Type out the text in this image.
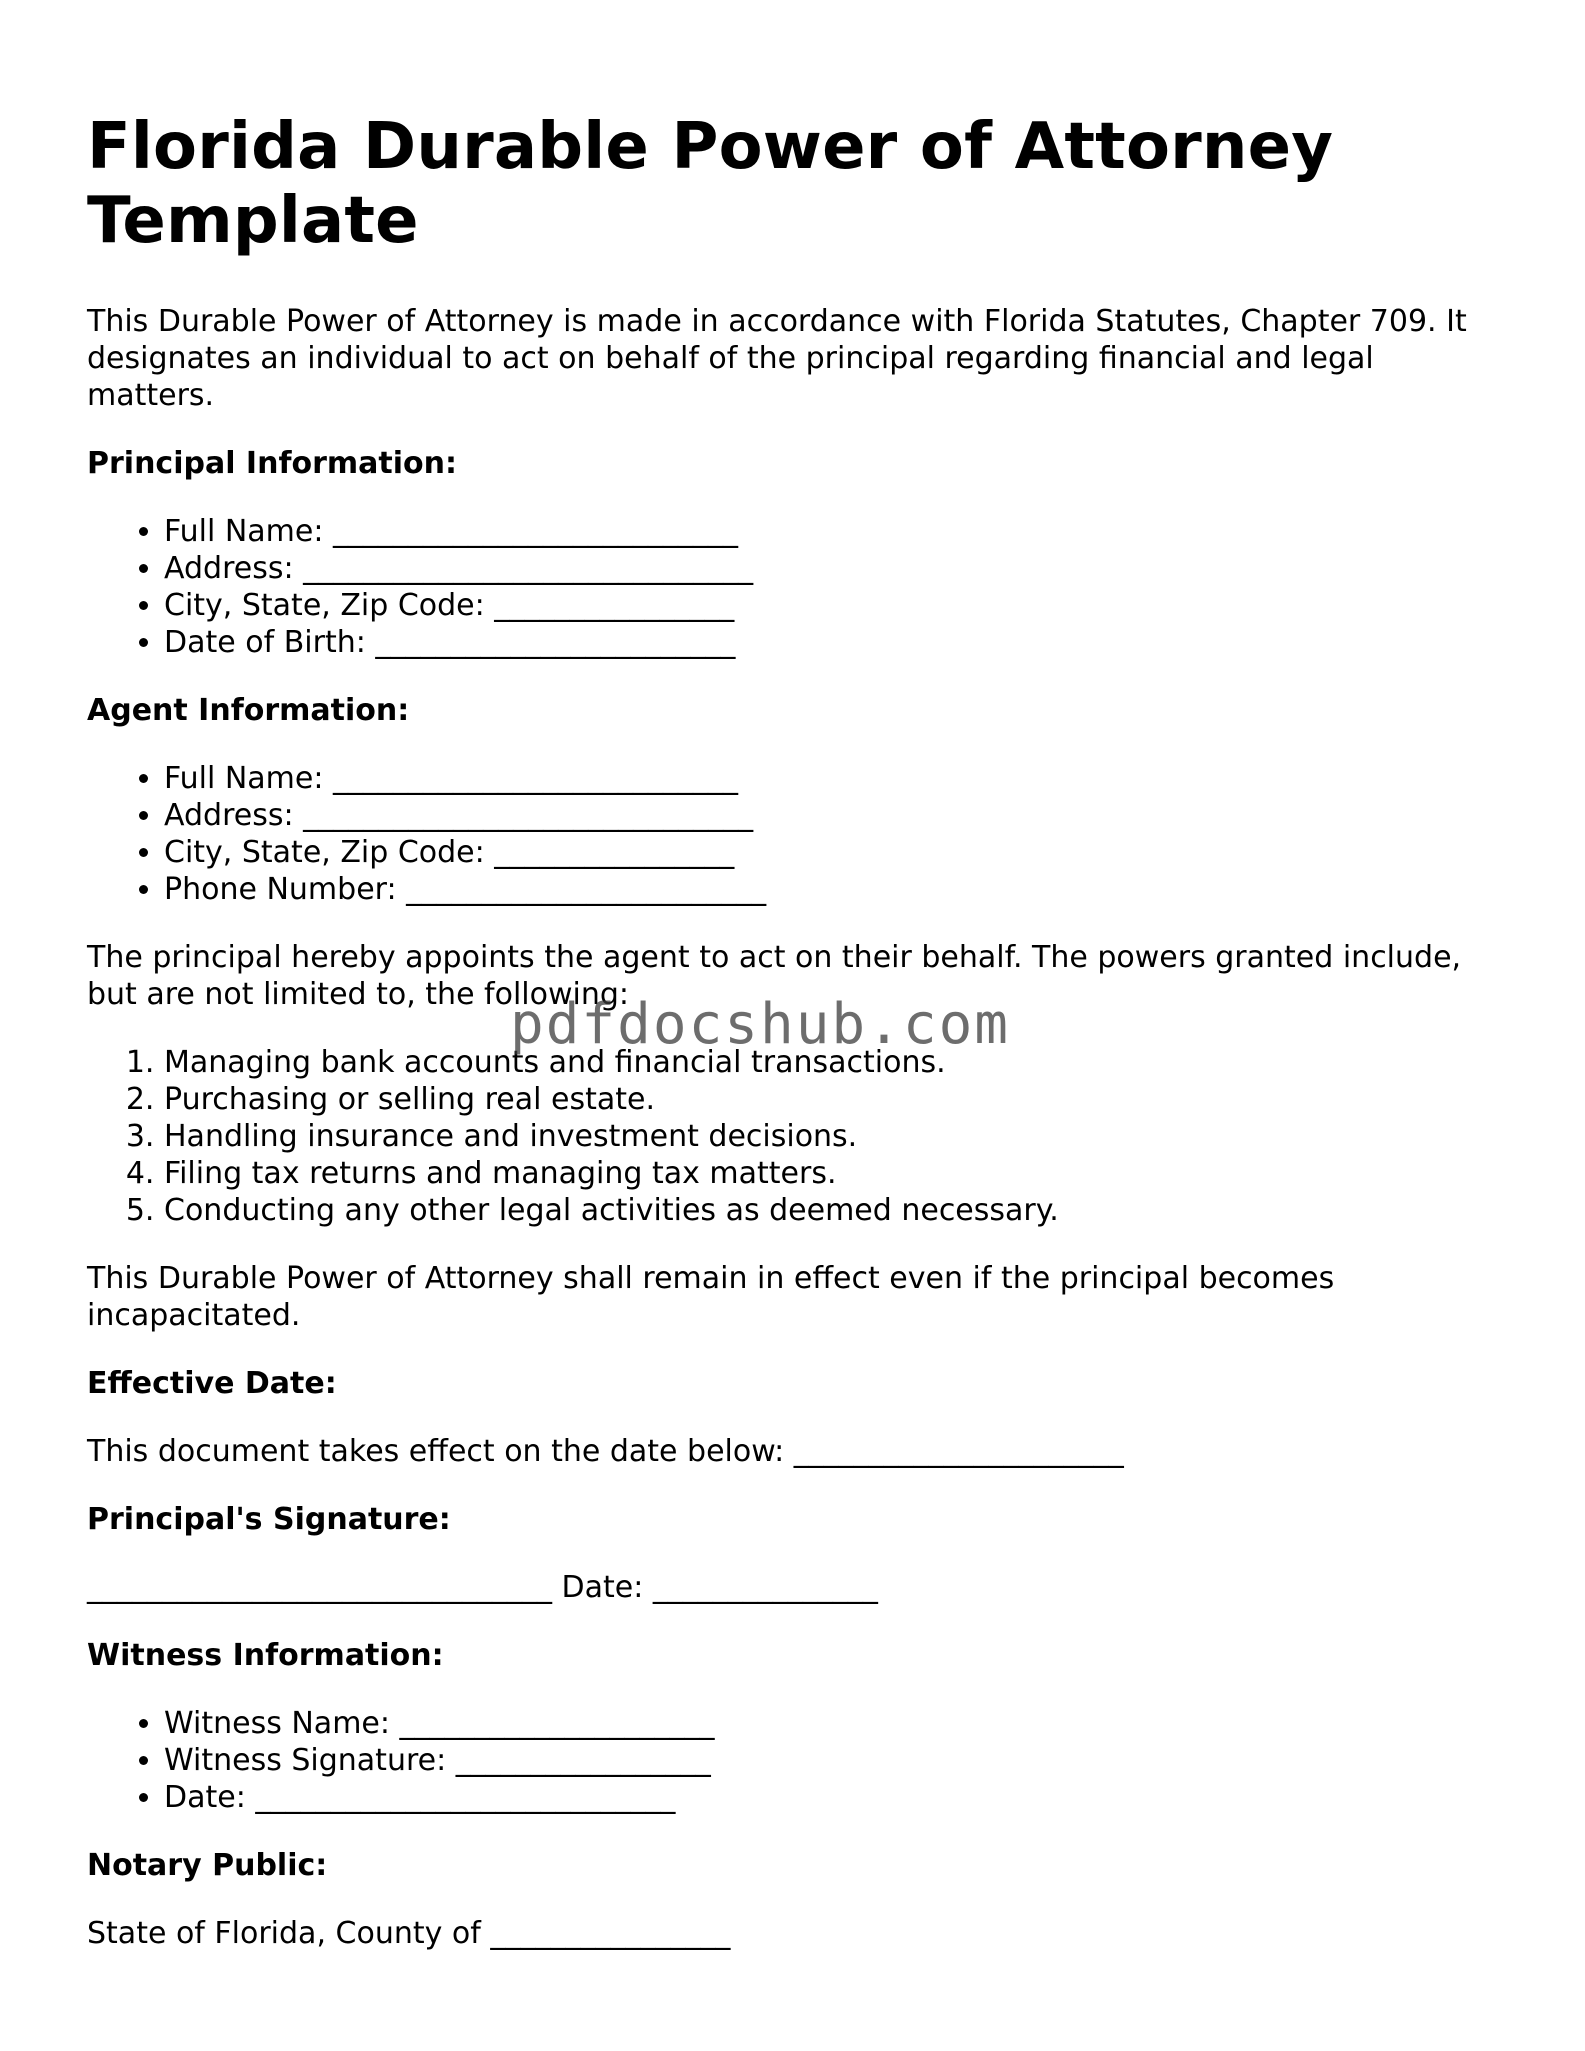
Florida Durable Power of Attorney Template

This Durable Power of Attorney is made in accordance with Florida Statutes, Chapter 709. It designates an individual to act on behalf of the principal regarding financial and legal matters.

Principal Information:
• Full Name: ___________________________
• Address: ______________________________
• City, State, Zip Code: ________________
• Date of Birth: ________________________
Agent Information:
• Full Name: ___________________________
• Address: ______________________________
• City, State, Zip Code: ________________
• Phone Number: ________________________

The principal hereby appoints the agent to act on their behalf. The powers granted include, but are not limited to, the following:

1. Managing bank accounts and financial transactions.
2. Purchasing or selling real estate.
3. Handling insurance and investment decisions.
4. Filing tax returns and managing tax matters.
5. Conducting any other legal activities as deemed necessary.

This Durable Power of Attorney shall remain in effect even if the principal becomes incapacitated.

Effective Date:

This document takes effect on the date below: ______________________

Principal's Signature:

_______________________________ Date: _______________

Witness Information:
• Witness Name: _____________________
• Witness Signature: _________________
• Date: ____________________________
Notary Public:

State of Florida, County of ________________

pdfdocshub.com
